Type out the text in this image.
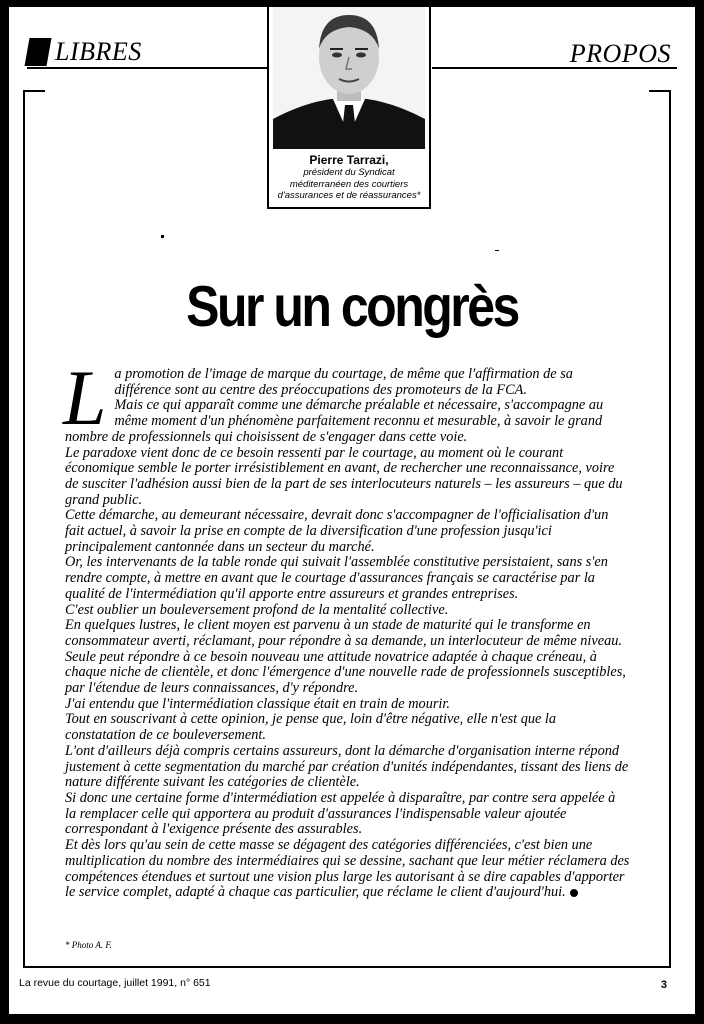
LIBRES	PROPOS
Pierre Tarrazi,
président du Syndicat
méditerranéen des courtiers
d'assurances et de réassurances*
Sur un congrès

La promotion de l'image de marque du courtage, de même que l'affirmation de sa différence sont au centre des préoccupations des promoteurs de la FCA.

Mais ce qui apparaît comme une démarche préalable et nécessaire, s'accompagne au même moment d'un phénomène parfaitement reconnu et mesurable, à savoir le grand nombre de professionnels qui choisissent de s'engager dans cette voie.

Le paradoxe vient donc de ce besoin ressenti par le courtage, au moment où le courant économique semble le porter irrésistiblement en avant, de rechercher une reconnaissance, voire de susciter l'adhésion aussi bien de la part de ses interlocuteurs naturels – les assureurs – que du grand public.

Cette démarche, au demeurant nécessaire, devrait donc s'accompagner de l'officialisation d'un fait actuel, à savoir la prise en compte de la diversification d'une profession jusqu'ici principalement cantonnée dans un secteur du marché.

Or, les intervenants de la table ronde qui suivait l'assemblée constitutive persistaient, sans s'en rendre compte, à mettre en avant que le courtage d'assurances français se caractérise par la qualité de l'intermédiation qu'il apporte entre assureurs et grandes entreprises.

C'est oublier un bouleversement profond de la mentalité collective.

En quelques lustres, le client moyen est parvenu à un stade de maturité qui le transforme en consommateur averti, réclamant, pour répondre à sa demande, un interlocuteur de même niveau.

Seule peut répondre à ce besoin nouveau une attitude novatrice adaptée à chaque créneau, à chaque niche de clientèle, et donc l'émergence d'une nouvelle rade de professionnels susceptibles, par l'étendue de leurs connaissances, d'y répondre.

J'ai entendu que l'intermédiation classique était en train de mourir.

Tout en souscrivant à cette opinion, je pense que, loin d'être négative, elle n'est que la constatation de ce bouleversement.

L'ont d'ailleurs déjà compris certains assureurs, dont la démarche d'organisation interne répond justement à cette segmentation du marché par création d'unités indépendantes, tissant des liens de nature différente suivant les catégories de clientèle.

Si donc une certaine forme d'intermédiation est appelée à disparaître, par contre sera appelée à la remplacer celle qui apportera au produit d'assurances l'indispensable valeur ajoutée correspondant à l'exigence présente des assurables.

Et dès lors qu'au sein de cette masse se dégagent des catégories différenciées, c'est bien une multiplication du nombre des intermédiaires qui se dessine, sachant que leur métier réclamera des compétences étendues et surtout une vision plus large les autorisant à se dire capables d'apporter le service complet, adapté à chaque cas particulier, que réclame le client d'aujourd'hui.

* Photo A. F.
La revue du courtage, juillet 1991, n° 651	3
